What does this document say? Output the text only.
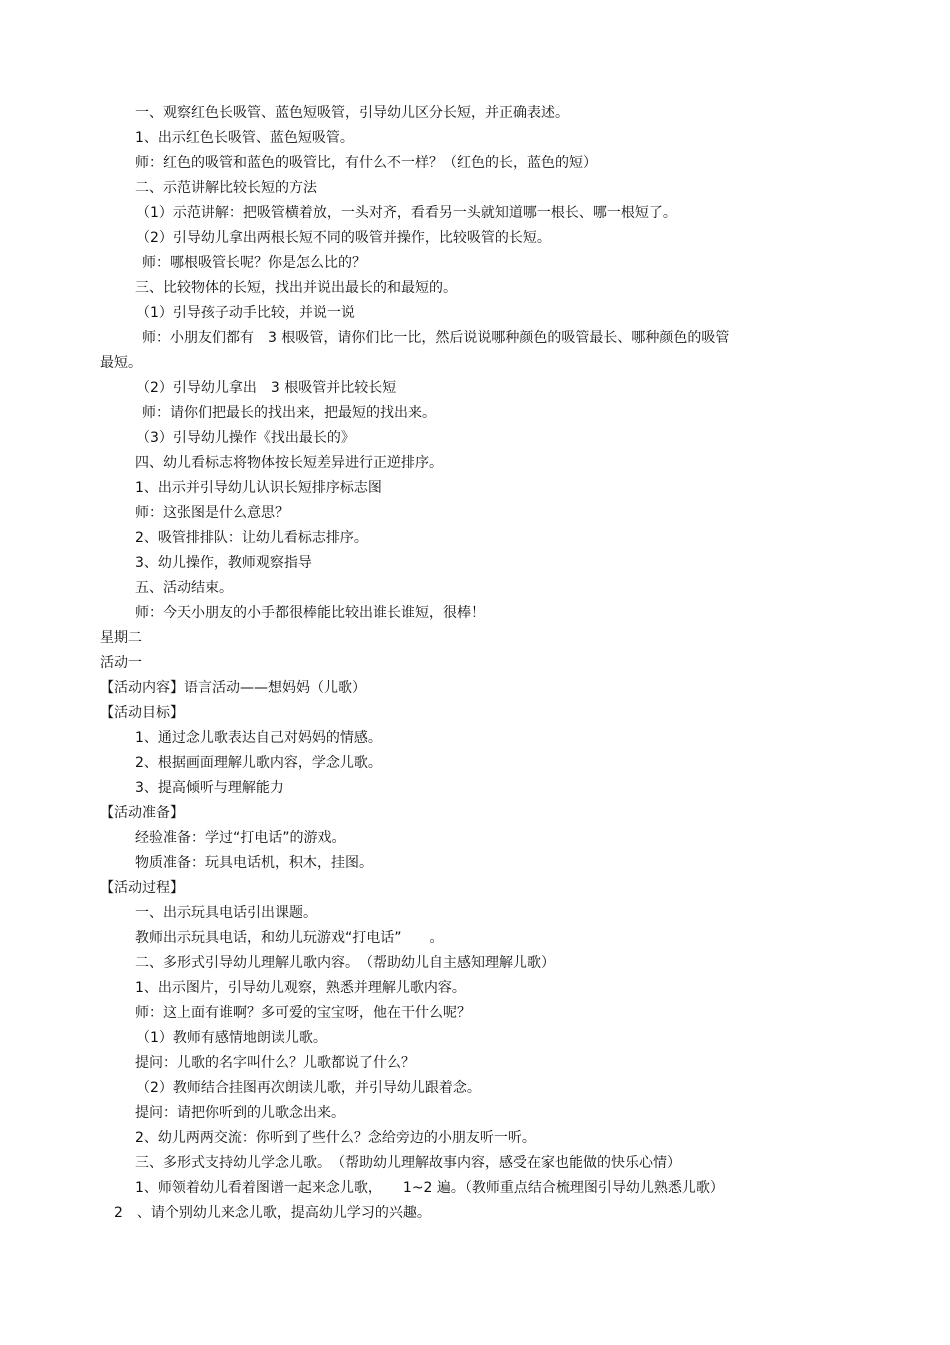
一、观察红色长吸管、蓝色短吸管，引导幼儿区分长短，并正确表述。
1、出示红色长吸管、蓝色短吸管。
师：红色的吸管和蓝色的吸管比，有什么不一样？（红色的长，蓝色的短）
二、示范讲解比较长短的方法
（1）示范讲解：把吸管横着放，一头对齐，看看另一头就知道哪一根长、哪一根短了。
（2）引导幼儿拿出两根长短不同的吸管并操作，比较吸管的长短。
师：哪根吸管长呢？你是怎么比的？
三、比较物体的长短，找出并说出最长的和最短的。
（1）引导孩子动手比较，并说一说
师：小朋友们都有　3 根吸管，请你们比一比，然后说说哪种颜色的吸管最长、哪种颜色的吸管
最短。
（2）引导幼儿拿出　3 根吸管并比较长短
师：请你们把最长的找出来，把最短的找出来。
（3）引导幼儿操作《找出最长的》
四、幼儿看标志将物体按长短差异进行正逆排序。
1、出示并引导幼儿认识长短排序标志图
师：这张图是什么意思？
2、吸管排排队：让幼儿看标志排序。
3、幼儿操作，教师观察指导
五、活动结束。
师：今天小朋友的小手都很棒能比较出谁长谁短，很棒！
星期二
活动一
【活动内容】语言活动——想妈妈（儿歌）
【活动目标】
1、通过念儿歌表达自己对妈妈的情感。
2、根据画面理解儿歌内容，学念儿歌。
3、提高倾听与理解能力
【活动准备】
经验准备：学过“打电话”的游戏。
物质准备：玩具电话机，积木，挂图。
【活动过程】
一、出示玩具电话引出课题。
教师出示玩具电话，和幼儿玩游戏“打电话”　　。
二、多形式引导幼儿理解儿歌内容。　（帮助幼儿自主感知理解儿歌）
1、出示图片，引导幼儿观察，熟悉并理解儿歌内容。
师：这上面有谁啊？多可爱的宝宝呀，他在干什么呢？
（1）教师有感情地朗读儿歌。
提问：儿歌的名字叫什么？儿歌都说了什么？
（2）教师结合挂图再次朗读儿歌，并引导幼儿跟着念。
提问：请把你听到的儿歌念出来。
2、幼儿两两交流：你听到了些什么？念给旁边的小朋友听一听。
三、多形式支持幼儿学念儿歌。　（帮助幼儿理解故事内容，感受在家也能做的快乐心情）
1、师领着幼儿看着图谱一起来念儿歌，　　1~2 遍。（教师重点结合梳理图引导幼儿熟悉儿歌）
2　、请个别幼儿来念儿歌，提高幼儿学习的兴趣。
